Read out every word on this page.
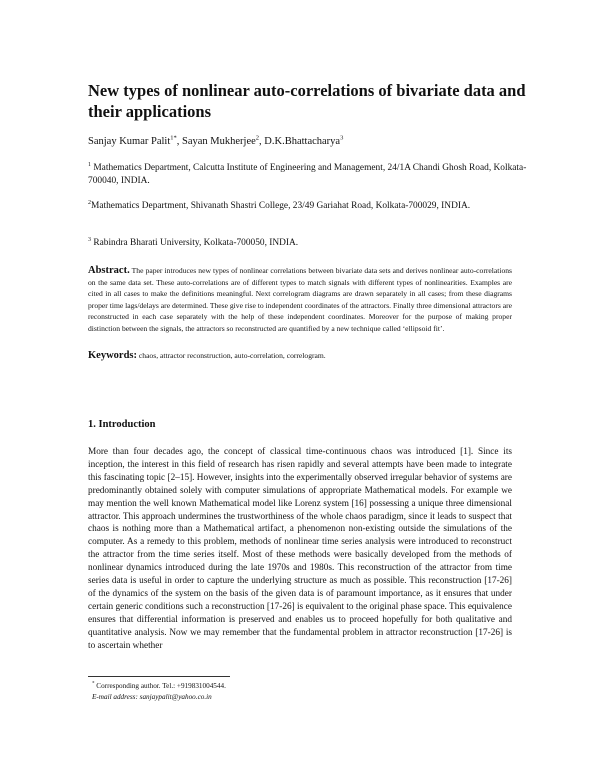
New types of nonlinear auto-correlations of bivariate data and their applications
Sanjay Kumar Palit$^{1*}$, Sayan Mukherjee$^2$, D.K.Bhattacharya$^3$
$^1$ Mathematics Department, Calcutta Institute of Engineering and Management, 24/1A Chandi Ghosh Road, Kolkata-700040, INDIA.
$^2$Mathematics Department, Shivanath Shastri College, 23/49 Gariahat Road, Kolkata-700029, INDIA.
$^3$ Rabindra Bharati University, Kolkata-700050, INDIA.
Abstract. The paper introduces new types of nonlinear correlations between bivariate data sets and derives nonlinear auto-correlations on the same data set. These auto-correlations are of different types to match signals with different types of nonlinearities. Examples are cited in all cases to make the definitions meaningful. Next correlogram diagrams are drawn separately in all cases; from these diagrams proper time lags/delays are determined. These give rise to independent coordinates of the attractors. Finally three dimensional attractors are reconstructed in each case separately with the help of these independent coordinates. Moreover for the purpose of making proper distinction between the signals, the attractors so reconstructed are quantified by a new technique called ‘ellipsoid fit’.
Keywords: chaos, attractor reconstruction, auto-correlation, correlogram.
1. Introduction
More than four decades ago, the concept of classical time-continuous chaos was introduced [1]. Since its inception, the interest in this field of research has risen rapidly and several attempts have been made to integrate this fascinating topic [2–15]. However, insights into the experimentally observed irregular behavior of systems are predominantly obtained solely with computer simulations of appropriate Mathematical models. For example we may mention the well known Mathematical model like Lorenz system [16] possessing a unique three dimensional attractor. This approach undermines the trustworthiness of the whole chaos paradigm, since it leads to suspect that chaos is nothing more than a Mathematical artifact, a phenomenon non-existing outside the simulations of the computer. As a remedy to this problem, methods of nonlinear time series analysis were introduced to reconstruct the attractor from the time series itself. Most of these methods were basically developed from the methods of nonlinear dynamics introduced during the late 1970s and 1980s. This reconstruction of the attractor from time series data is useful in order to capture the underlying structure as much as possible. This reconstruction [17-26] of the dynamics of the system on the basis of the given data is of paramount importance, as it ensures that under certain generic conditions such a reconstruction [17-26] is equivalent to the original phase space. This equivalence ensures that differential information is preserved and enables us to proceed hopefully for both qualitative and quantitative analysis. Now we may remember that the fundamental problem in attractor reconstruction [17-26] is to ascertain whether
* Corresponding author. Tel.: +919831004544.
E-mail address: sanjaypalit@yahoo.co.in
